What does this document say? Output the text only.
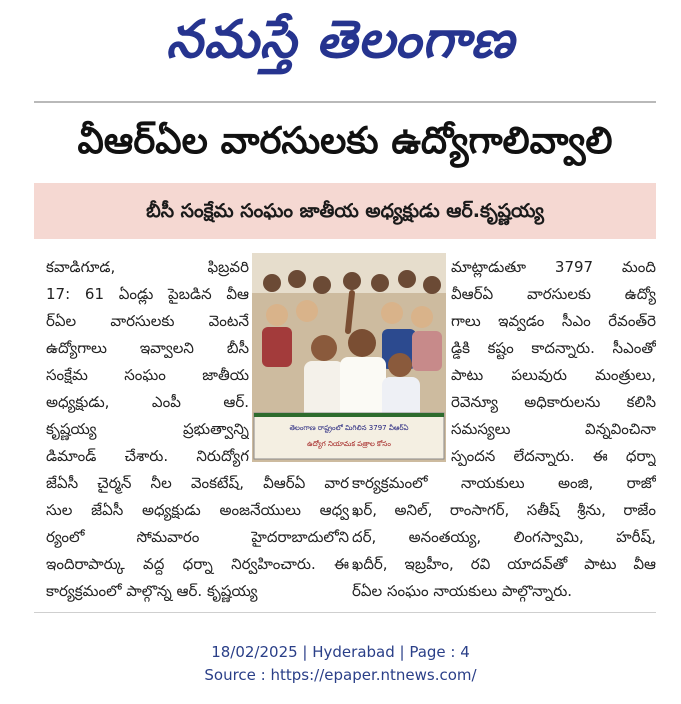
నమస్తే తెలంగాణ
వీఆర్ఏల వారసులకు ఉద్యోగాలివ్వాలి
బీసీ సంక్షేమ సంఘం జాతీయ అధ్యక్షుడు ఆర్.కృష్ణయ్య
కవాడిగూడ, ఫిబ్రవరి
17: 61 ఏండ్లు పైబడిన వీఆ
ర్ఏల వారసులకు వెంటనే
ఉద్యోగాలు ఇవ్వాలని బీసీ
సంక్షేమ సంఘం జాతీయ
అధ్యక్షుడు, ఎంపీ ఆర్.
కృష్ణయ్య ప్రభుత్వాన్ని
డిమాండ్ చేశారు. నిరుద్యోగ
జేఏసీ చైర్మన్ నీల వెంకటేష్, వీఆర్ఏ వార
సుల జేఏసీ అధ్యక్షుడు అంజనేయులు ఆధ్వ
ర్యంలో సోమవారం హైదరాబాదులోని
ఇందిరాపార్కు వద్ద ధర్నా నిర్వహించారు. ఈ
కార్యక్రమంలో పాల్గొన్న ఆర్. కృష్ణయ్య
తెలంగాణ రాష్ట్రంలో మిగిలిన 3797 వీఆర్ఏ
ఉద్యోగ నియామక పత్రాల కోసం
మాట్లాడుతూ 3797 మంది
వీఆర్ఏ వారసులకు ఉద్యో
గాలు ఇవ్వడం సీఎం రేవంత్‌రె
డ్డికి కష్టం కాదన్నారు. సీఎంతో
పాటు పలువురు మంత్రులు,
రెవెన్యూ అధికారులను కలిసి
సమస్యలు విన్నవించినా
స్పందన లేదన్నారు. ఈ ధర్నా
కార్యక్రమంలో నాయకులు అంజి, రాజో
ఖర్, అనిల్, రాంసాగర్, సతీష్ శ్రీను, రాజేం
దర్, అనంతయ్య, లింగస్వామి, హరీష్,
ఖదీర్, ఇబ్రహీం, రవి యాదవ్‌తో పాటు వీఆ
ర్ఏల సంఘం నాయకులు పాల్గొన్నారు.
18/02/2025 | Hyderabad | Page : 4
Source : https://epaper.ntnews.com/
